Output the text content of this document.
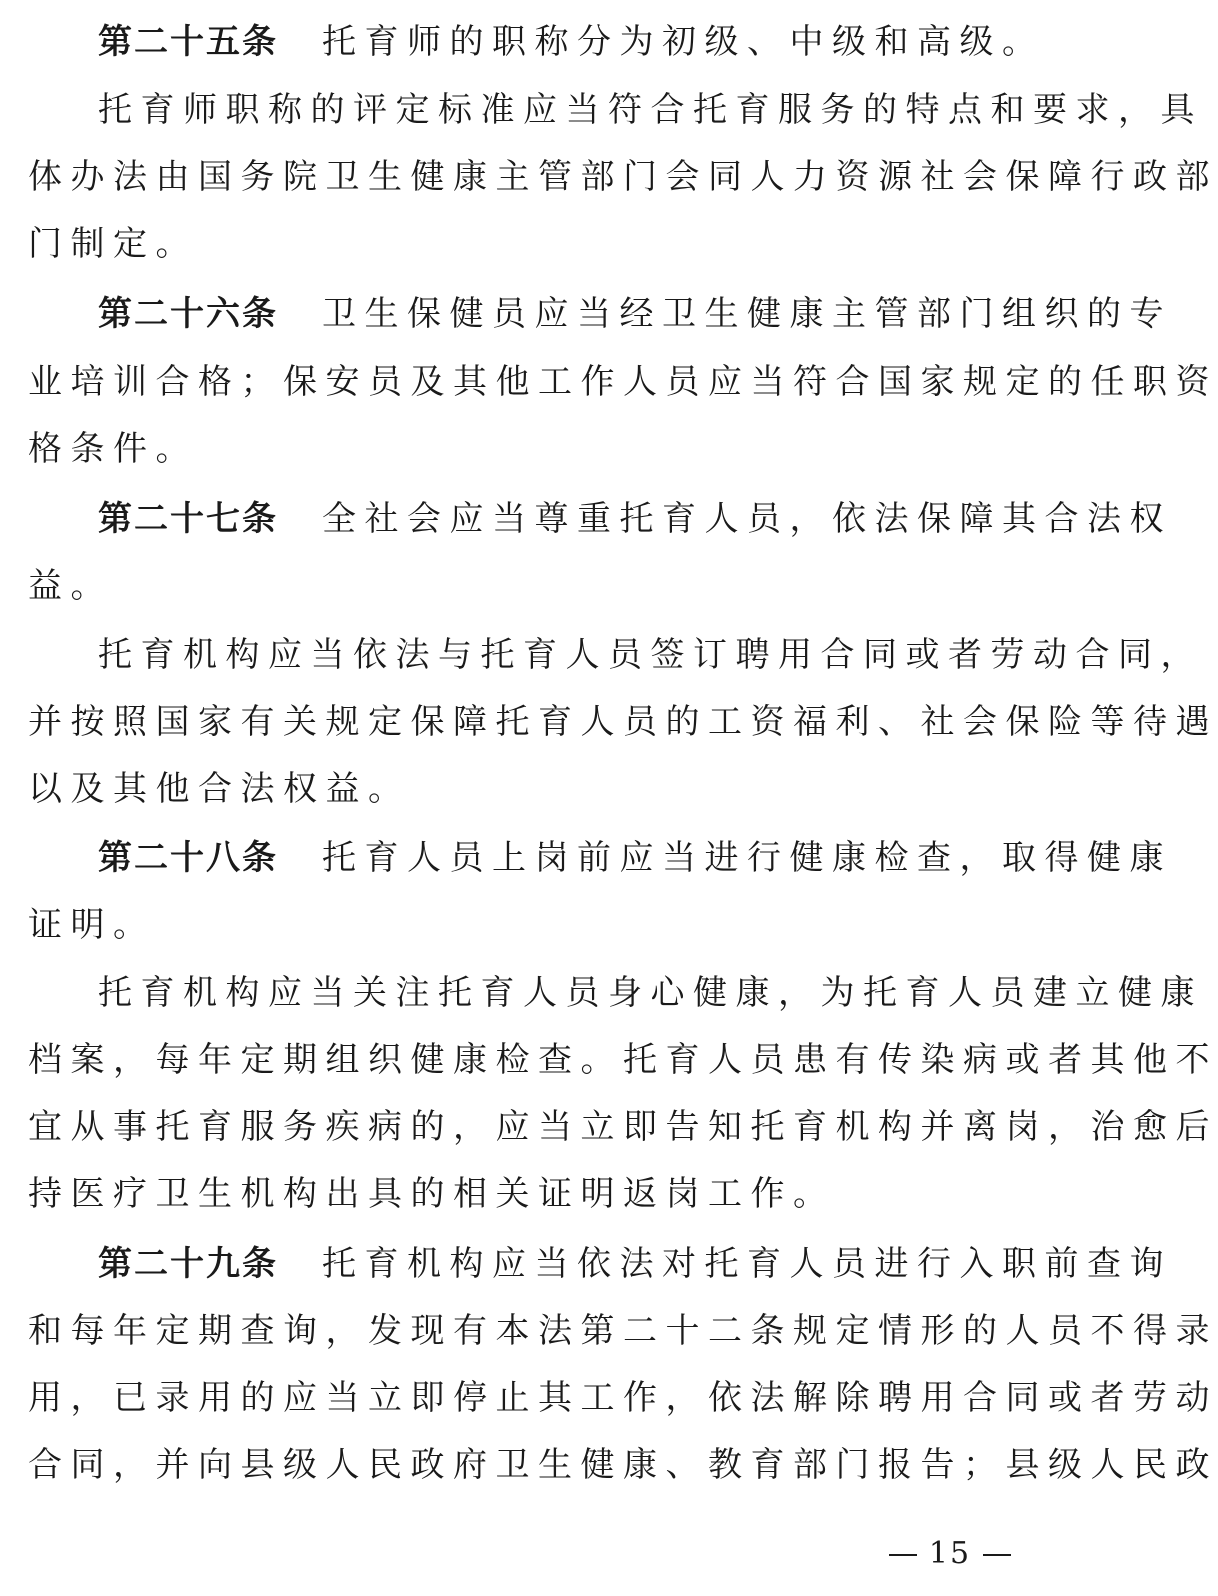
第二十五条 托育师的职称分为初级、中级和高级。
托育师职称的评定标准应当符合托育服务的特点和要求，具
体办法由国务院卫生健康主管部门会同人力资源社会保障行政部
门制定。
第二十六条 卫生保健员应当经卫生健康主管部门组织的专
业培训合格；保安员及其他工作人员应当符合国家规定的任职资
格条件。
第二十七条 全社会应当尊重托育人员，依法保障其合法权
益。
托育机构应当依法与托育人员签订聘用合同或者劳动合同，
并按照国家有关规定保障托育人员的工资福利、社会保险等待遇
以及其他合法权益。
第二十八条 托育人员上岗前应当进行健康检查，取得健康
证明。
托育机构应当关注托育人员身心健康，为托育人员建立健康
档案，每年定期组织健康检查。托育人员患有传染病或者其他不
宜从事托育服务疾病的，应当立即告知托育机构并离岗，治愈后
持医疗卫生机构出具的相关证明返岗工作。
第二十九条 托育机构应当依法对托育人员进行入职前查询
和每年定期查询，发现有本法第二十二条规定情形的人员不得录
用，已录用的应当立即停止其工作，依法解除聘用合同或者劳动
合同，并向县级人民政府卫生健康、教育部门报告；县级人民政
15
